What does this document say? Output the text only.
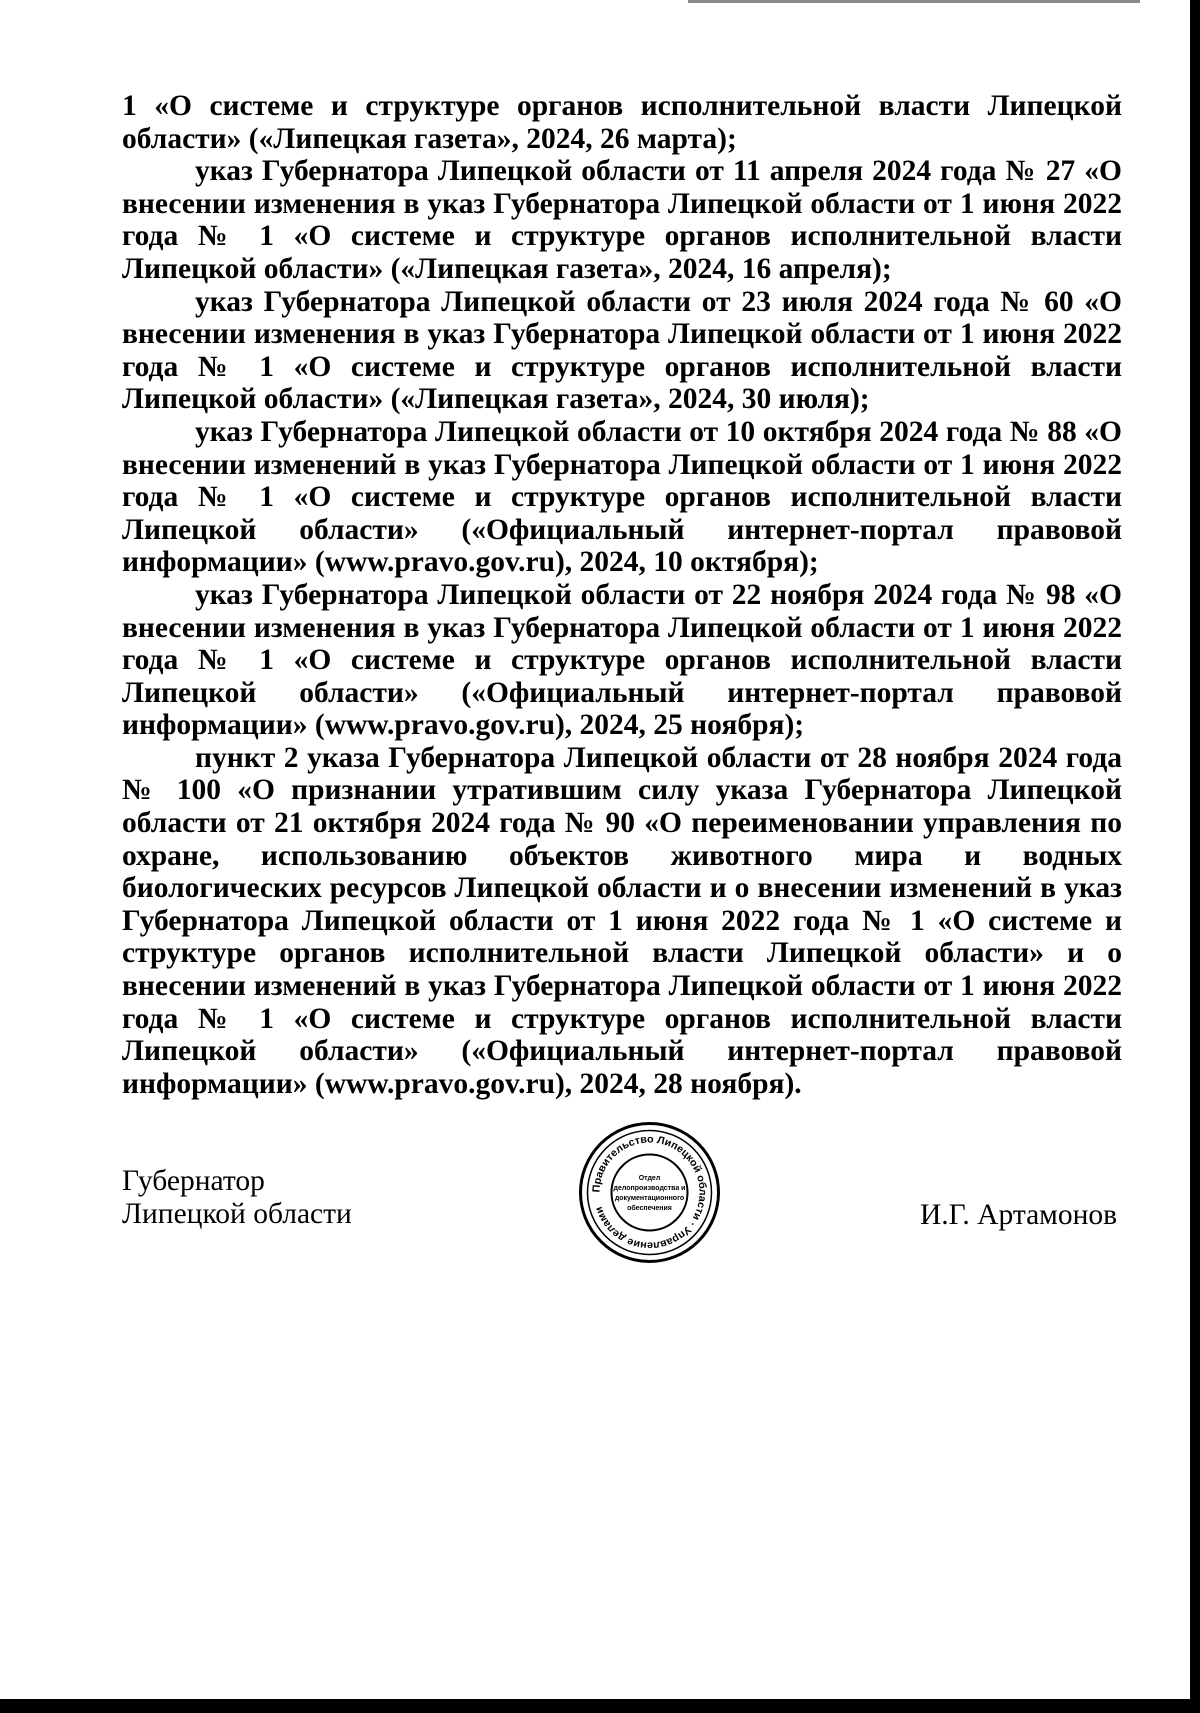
1 «О системе и структуре органов исполнительной власти Липецкой области» («Липецкая газета», 2024, 26 марта);

указ Губернатора Липецкой области от 11 апреля 2024 года № 27 «О внесении изменения в указ Губернатора Липецкой области от 1 июня 2022 года № 1 «О системе и структуре органов исполнительной власти Липецкой области» («Липецкая газета», 2024, 16 апреля);

указ Губернатора Липецкой области от 23 июля 2024 года № 60 «О внесении изменения в указ Губернатора Липецкой области от 1 июня 2022 года № 1 «О системе и структуре органов исполнительной власти Липецкой области» («Липецкая газета», 2024, 30 июля);

указ Губернатора Липецкой области от 10 октября 2024 года № 88 «О внесении изменений в указ Губернатора Липецкой области от 1 июня 2022 года № 1 «О системе и структуре органов исполнительной власти Липецкой области» («Официальный интернет-портал правовой информации» (www.pravo.gov.ru), 2024, 10 октября);

указ Губернатора Липецкой области от 22 ноября 2024 года № 98 «О внесении изменения в указ Губернатора Липецкой области от 1 июня 2022 года № 1 «О системе и структуре органов исполнительной власти Липецкой области» («Официальный интернет-портал правовой информации» (www.pravo.gov.ru), 2024, 25 ноября);

пункт 2 указа Губернатора Липецкой области от 28 ноября 2024 года № 100 «О признании утратившим силу указа Губернатора Липецкой области от 21 октября 2024 года № 90 «О переименовании управления по охране, использованию объектов животного мира и водных биологических ресурсов Липецкой области и о внесении изменений в указ Губернатора Липецкой области от 1 июня 2022 года № 1 «О системе и структуре органов исполнительной власти Липецкой области» и о внесении изменений в указ Губернатора Липецкой области от 1 июня 2022 года № 1 «О системе и структуре органов исполнительной власти Липецкой области» («Официальный интернет-портал правовой информации» (www.pravo.gov.ru), 2024, 28 ноября).

Губернатор
Липецкой области
Правительство Липецкой области · Управление делами
Отдел
делопроизводства и
документационного
обеспечения	И.Г. Артамонов
